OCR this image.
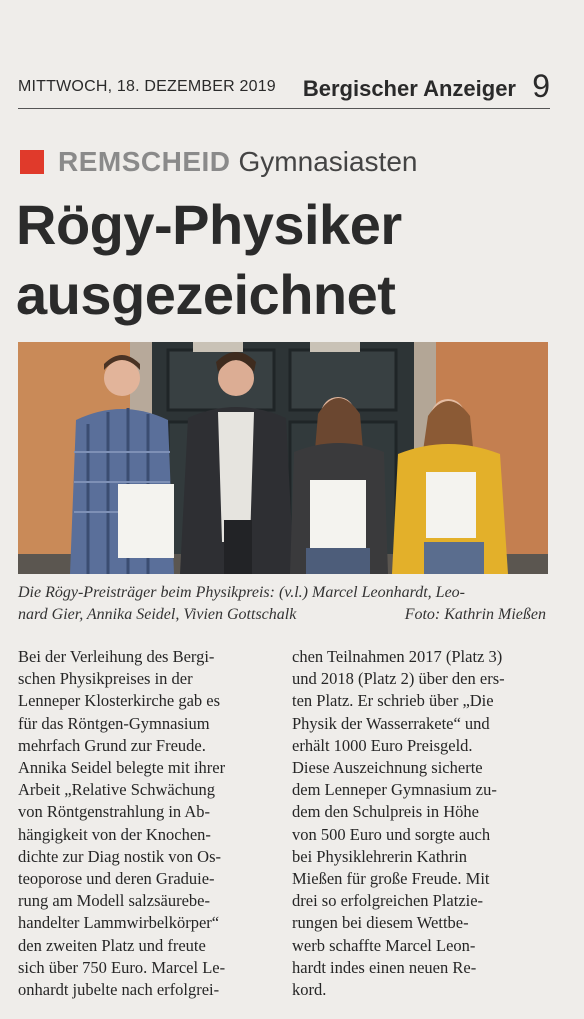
MITTWOCH, 18. DEZEMBER 2019 Bergischer Anzeiger 9
REMSCHEID Gymnasiasten
Rögy-Physiker
ausgezeichnet
Die Rögy-Preisträger beim Physikpreis: (v.l.) Marcel Leonhardt, Leo-
nard Gier, Annika Seidel, Vivien Gottschalk	Foto: Kathrin Mießen
Bei der Verleihung des Bergi-
schen Physikpreises in der
Lenneper Klosterkirche gab es
für das Röntgen-Gymnasium
mehrfach Grund zur Freude.
Annika Seidel belegte mit ihrer
Arbeit „Relative Schwächung
von Röntgenstrahlung in Ab-
hängigkeit von der Knochen-
dichte zur Diag nostik von Os-
teoporose und deren Graduie-
rung am Modell salzsäurebe-
handelter Lammwirbelkörper“
den zweiten Platz und freute
sich über 750 Euro. Marcel Le-
onhardt jubelte nach erfolgrei-
chen Teilnahmen 2017 (Platz 3)
und 2018 (Platz 2) über den ers-
ten Platz. Er schrieb über „Die
Physik der Wasserrakete“ und
erhält 1000 Euro Preisgeld.
Diese Auszeichnung sicherte
dem Lenneper Gymnasium zu-
dem den Schulpreis in Höhe
von 500 Euro und sorgte auch
bei Physiklehrerin Kathrin
Mießen für große Freude. Mit
drei so erfolgreichen Platzie-
rungen bei diesem Wettbe-
werb schaffte Marcel Leon-
hardt indes einen neuen Re-
kord.
